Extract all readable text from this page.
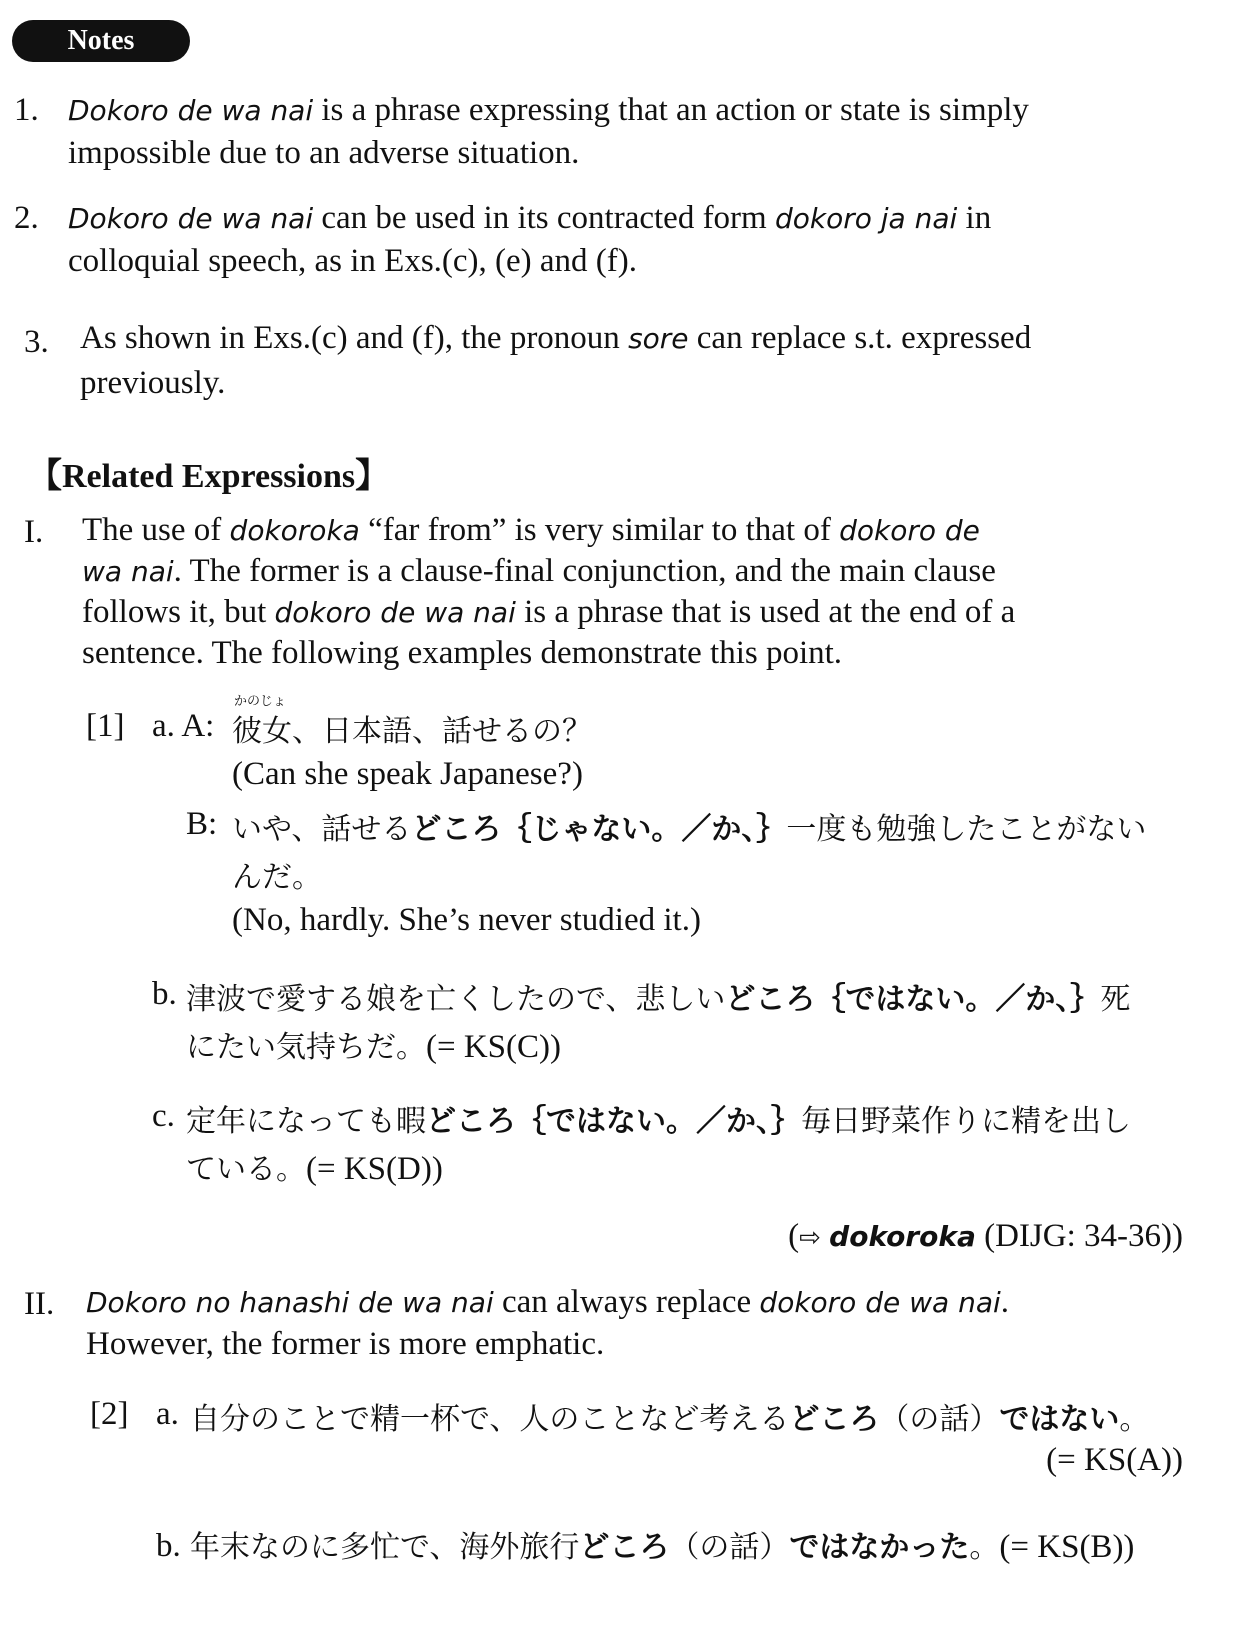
Notes
1. Dokoro de wa nai is a phrase expressing that an action or state is simply
impossible due to an adverse situation.
2. Dokoro de wa nai can be used in its contracted form dokoro ja nai in
colloquial speech, as in Exs.(c), (e) and (f).
3. As shown in Exs.(c) and (f), the pronoun sore can replace s.t. expressed
previously.
【Related Expressions】
I. The use of dokoroka “far from” is very similar to that of dokoro de
wa nai. The former is a clause-final conjunction, and the main clause
follows it, but dokoro de wa nai is a phrase that is used at the end of a
sentence. The following examples demonstrate this point.
[1] a. A:
かのじょ
彼女、日本語、話せるの？
(Can she speak Japanese?)
B: いや、話せるどころ｛じゃない。／か、｝一度も勉強したことがない
んだ。
(No, hardly. She’s never studied it.)
b. 津波で愛する娘を亡くしたので、悲しいどころ｛ではない。／か、｝死
にたい気持ちだ。(= KS(C))
c. 定年になっても暇どころ｛ではない。／か、｝毎日野菜作りに精を出し
ている。(= KS(D))
(⇨ dokoroka (DIJG: 34-36))
II. Dokoro no hanashi de wa nai can always replace dokoro de wa nai.
However, the former is more emphatic.
[2] a. 自分のことで精一杯で、人のことなど考えるどころ（の話）ではない。
(= KS(A))
b. 年末なのに多忙で、海外旅行どころ（の話）ではなかった。(= KS(B))
